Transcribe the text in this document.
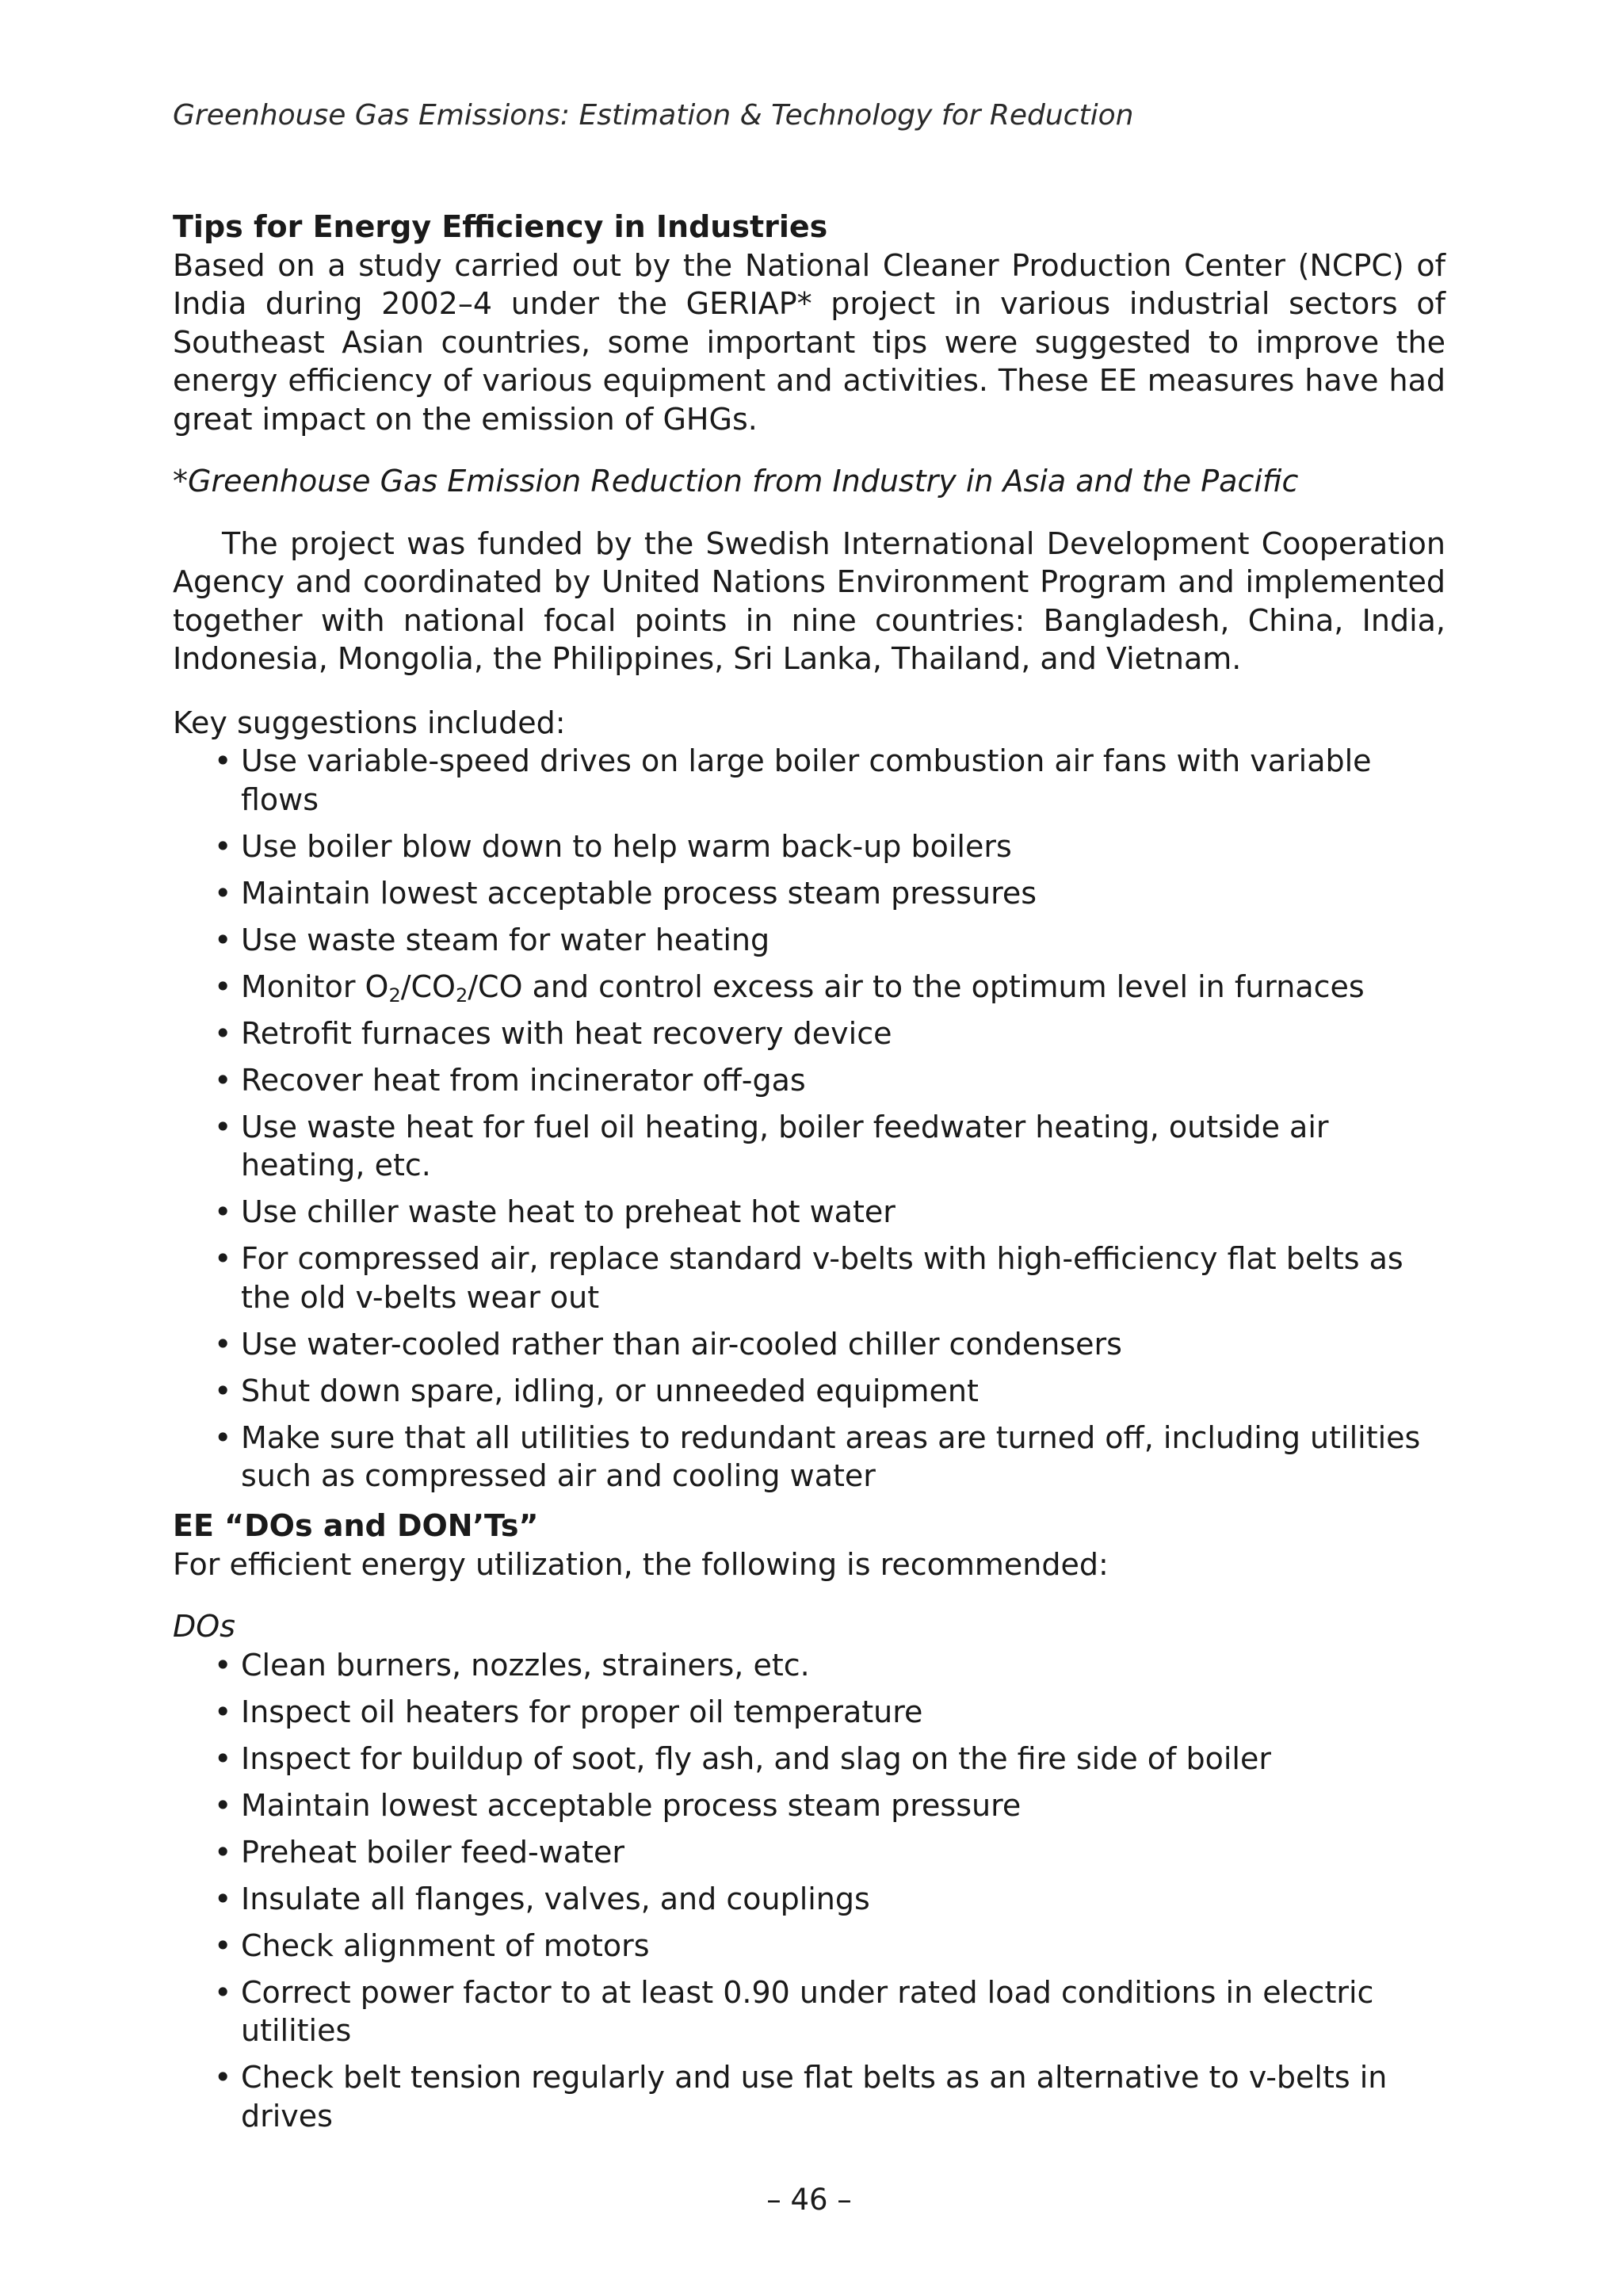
Greenhouse Gas Emissions: Estimation & Technology for Reduction

Tips for Energy Efficiency in Industries

Based on a study carried out by the National Cleaner Production Center (NCPC) of India during 2002–4 under the GERIAP* project in various industrial sectors of Southeast Asian countries, some important tips were suggested to improve the energy efficiency of various equipment and activities. These EE measures have had great impact on the emission of GHGs.

*Greenhouse Gas Emission Reduction from Industry in Asia and the Pacific

The project was funded by the Swedish International Development Cooperation Agency and coordinated by United Nations Environment Program and implemented together with national focal points in nine countries: Bangladesh, China, India, Indonesia, Mongolia, the Philippines, Sri Lanka, Thailand, and Vietnam.

Key suggestions included:

• Use variable-speed drives on large boiler combustion air fans with variable flows
• Use boiler blow down to help warm back-up boilers
• Maintain lowest acceptable process steam pressures
• Use waste steam for water heating
• Monitor $O_2/CO_2/CO$ and control excess air to the optimum level in furnaces
• Retrofit furnaces with heat recovery device
• Recover heat from incinerator off-gas
• Use waste heat for fuel oil heating, boiler feedwater heating, outside air heating, etc.
• Use chiller waste heat to preheat hot water
• For compressed air, replace standard v-belts with high-efficiency flat belts as the old v-belts wear out
• Use water-cooled rather than air-cooled chiller condensers
• Shut down spare, idling, or unneeded equipment
• Make sure that all utilities to redundant areas are turned off, including utilities such as compressed air and cooling water

EE “DOs and DON’Ts”

For efficient energy utilization, the following is recommended:

DOs

• Clean burners, nozzles, strainers, etc.
• Inspect oil heaters for proper oil temperature
• Inspect for buildup of soot, fly ash, and slag on the fire side of boiler
• Maintain lowest acceptable process steam pressure
• Preheat boiler feed-water
• Insulate all flanges, valves, and couplings
• Check alignment of motors
• Correct power factor to at least 0.90 under rated load conditions in electric utilities
• Check belt tension regularly and use flat belts as an alternative to v-belts in drives
– 46 –
